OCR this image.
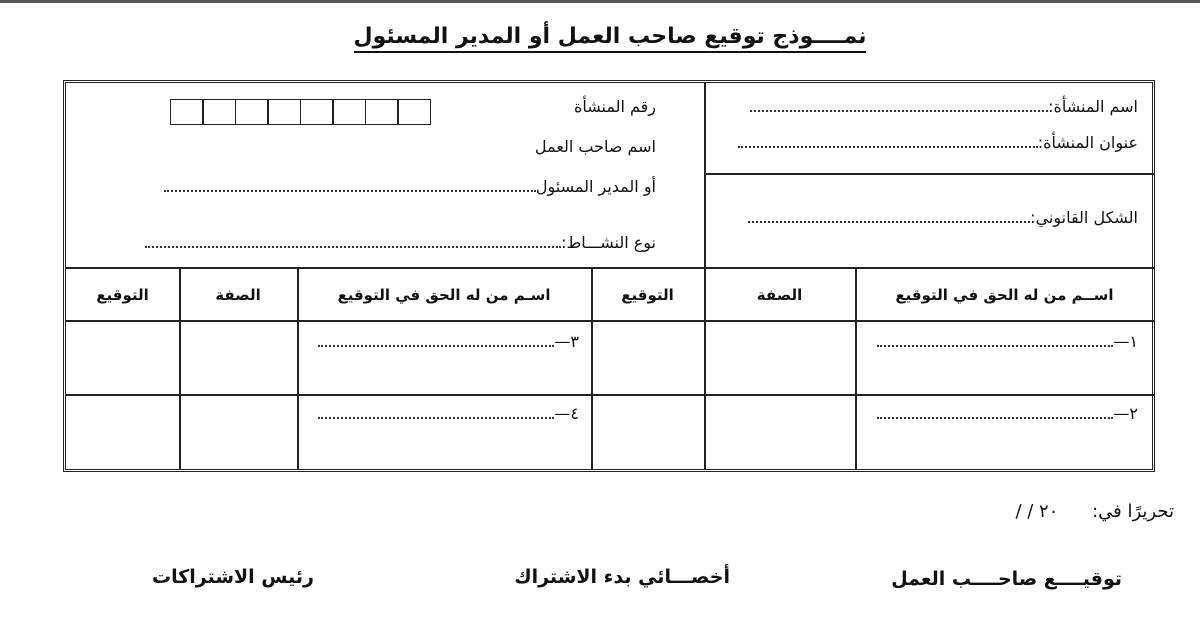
نمــــوذج توقيع صاحب العمل أو المدير المسئول
اسم المنشأة:
عنوان المنشأة:
الشكل القانوني:
رقم المنشأة
اسم صاحب العمل
أو المدير المسئول
نوع النشـــاط:
اســم من له الحق في التوقيع
الصفة
التوقيع
اسـم من له الحق في التوقيع
الصفة
التوقيع
١—
٢—
٣—
٤—
تحريرًا في: / / ٢٠
توقيــــع صاحــــب العمل
أخصـــائي بدء الاشتراك
رئيس الاشتراكات
